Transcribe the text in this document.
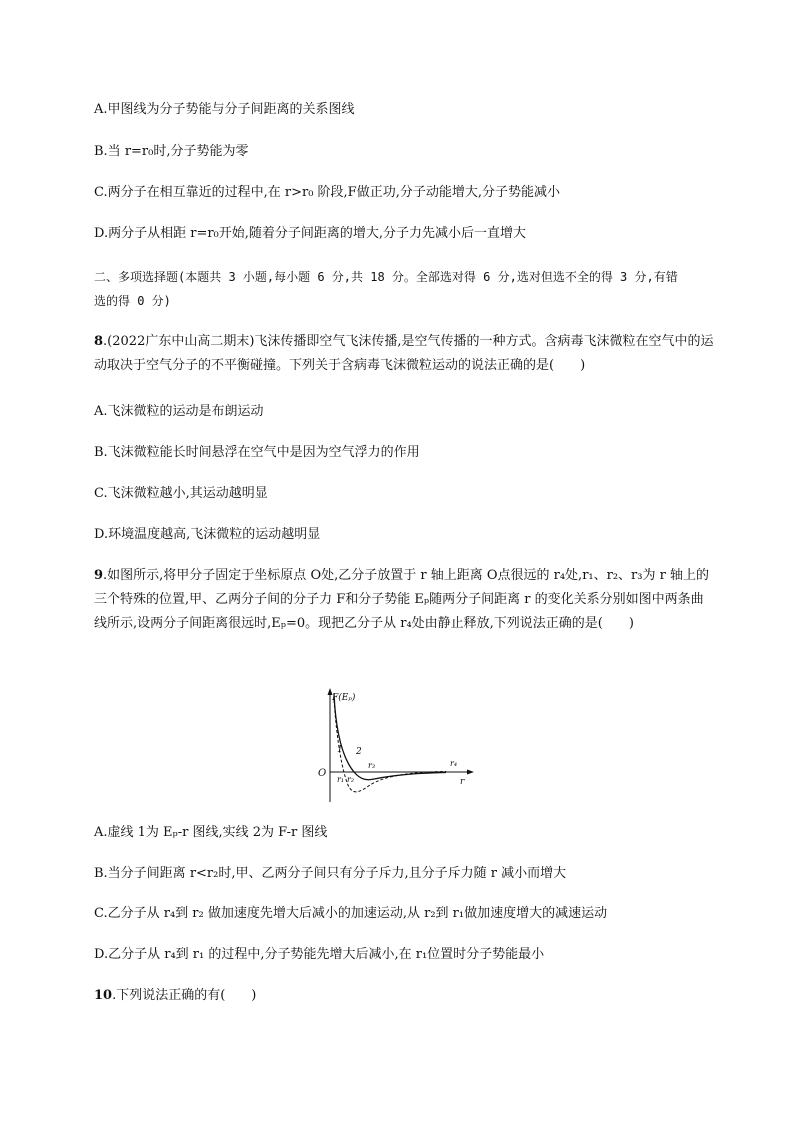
A.甲图线为分子势能与分子间距离的关系图线
B.当 r=r₀时,分子势能为零
C.两分子在相互靠近的过程中,在 r>r₀ 阶段,F做正功,分子动能增大,分子势能减小
D.两分子从相距 r=r₀开始,随着分子间距离的增大,分子力先减小后一直增大
二、多项选择题(本题共 3 小题,每小题 6 分,共 18 分。全部选对得 6 分,选对但选不全的得 3 分,有错
选的得 0 分)
8.(2022广东中山高二期末)飞沫传播即空气飞沫传播,是空气传播的一种方式。含病毒飞沫微粒在空气中的运动取决于空气分子的不平衡碰撞。下列关于含病毒飞沫微粒运动的说法正确的是(　　)
A.飞沫微粒的运动是布朗运动
B.飞沫微粒能长时间悬浮在空气中是因为空气浮力的作用
C.飞沫微粒越小,其运动越明显
D.环境温度越高,飞沫微粒的运动越明显
9.如图所示,将甲分子固定于坐标原点 O处,乙分子放置于 r 轴上距离 O点很远的 r₄处,r₁、r₂、r₃为 r 轴上的三个特殊的位置,甲、乙两分子间的分子力 F和分子势能 Eₚ随两分子间距离 r 的变化关系分别如图中两条曲线所示,设两分子间距离很远时,Eₚ=0。现把乙分子从 r₄处由静止释放,下列说法正确的是(　　)
F(Eₚ)
O
r
1 2
r₁ r₂
r₃	r₄
A.虚线 1为 Eₚ-r 图线,实线 2为 F-r 图线
B.当分子间距离 r<r₂时,甲、乙两分子间只有分子斥力,且分子斥力随 r 减小而增大
C.乙分子从 r₄到 r₂ 做加速度先增大后减小的加速运动,从 r₂到 r₁做加速度增大的减速运动
D.乙分子从 r₄到 r₁ 的过程中,分子势能先增大后减小,在 r₁位置时分子势能最小
10.下列说法正确的有(　　)
